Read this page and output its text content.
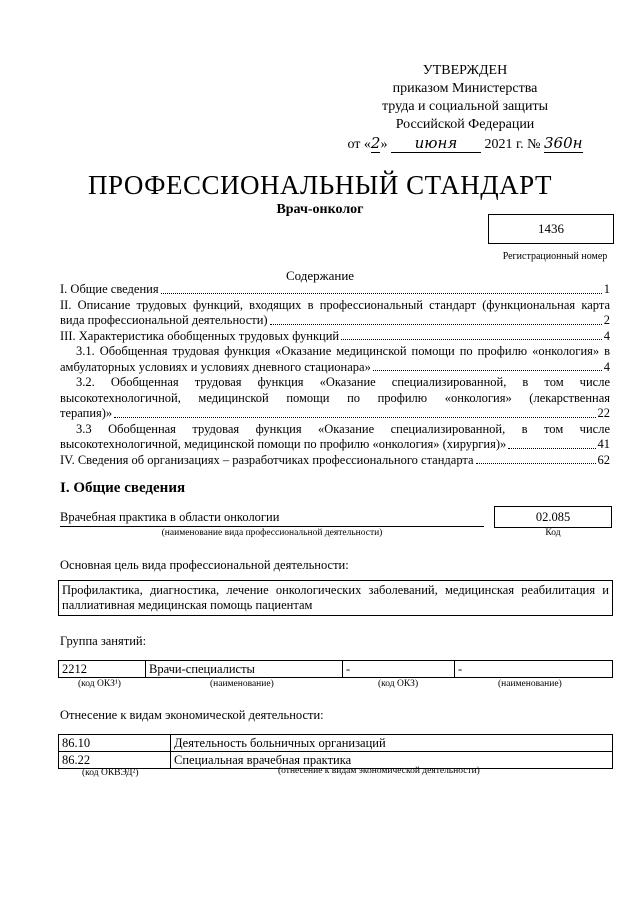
УТВЕРЖДЕН
приказом Министерства
труда и социальной защиты
Российской Федерации
от «2» июня 2021 г. № 360н
ПРОФЕССИОНАЛЬНЫЙ СТАНДАРТ
Врач-онколог
1436
Регистрационный номер
Содержание
I. Общие сведения	1
II. Описание трудовых функций, входящих в профессиональный стандарт (функциональная карта
вида профессиональной деятельности)	2
III. Характеристика обобщенных трудовых функций	4
3.1. Обобщенная трудовая функция «Оказание медицинской помощи по профилю «онкология» в
амбулаторных условиях и условиях дневного стационара»	4
3.2. Обобщенная трудовая функция «Оказание специализированной, в том числе
высокотехнологичной, медицинской помощи по профилю «онкология» (лекарственная
терапия)»	22
3.3 Обобщенная трудовая функция «Оказание специализированной, в том числе
высокотехнологичной, медицинской помощи по профилю «онкология» (хирургия)»	41
IV. Сведения об организациях – разработчиках профессионального стандарта	62
I. Общие сведения
Врачебная практика в области онкологии
(наименование вида профессиональной деятельности)
02.085
Код
Основная цель вида профессиональной деятельности:
Профилактика, диагностика, лечение онкологических заболеваний, медицинская реабилитация и
паллиативная медицинская помощь пациентам
Группа занятий:
2212	Врачи-специалисты	-	-
(код ОКЗ¹)	(наименование)	(код ОКЗ)	(наименование)
Отнесение к видам экономической деятельности:
86.10	Деятельность больничных организаций
86.22	Специальная врачебная практика
(код ОКВЭД²)	(отнесение к видам экономической деятельности)
